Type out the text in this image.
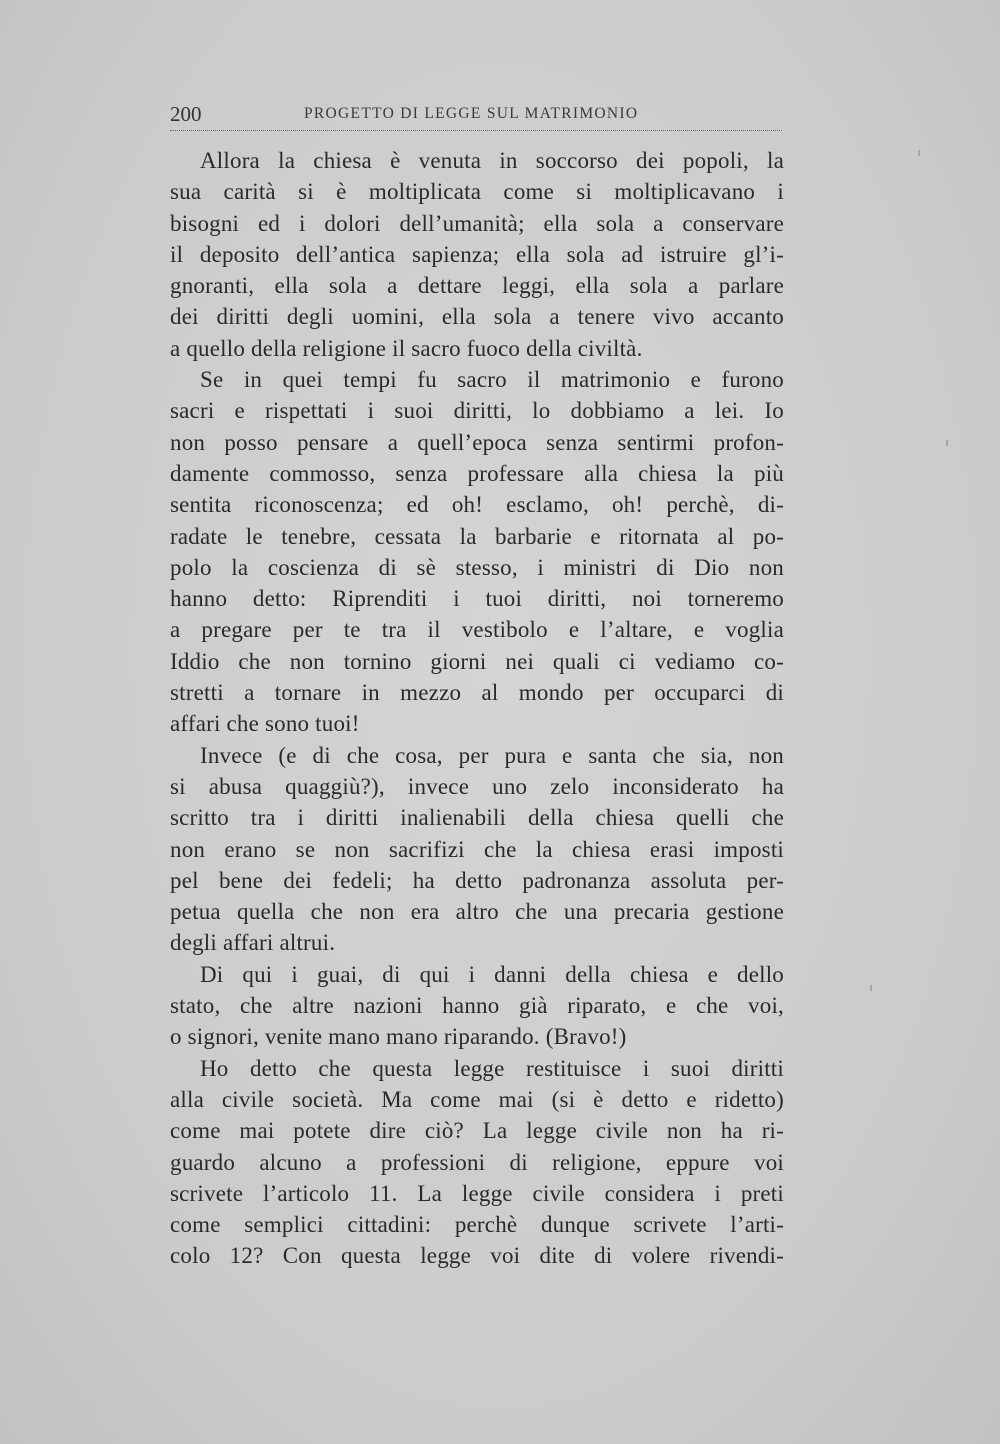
200	PROGETTO DI LEGGE SUL MATRIMONIO
Allora la chiesa è venuta in soccorso dei popoli, la
sua carità si è moltiplicata come si moltiplicavano i
bisogni ed i dolori dell’umanità; ella sola a conservare
il deposito dell’antica sapienza; ella sola ad istruire gl’i-
gnoranti, ella sola a dettare leggi, ella sola a parlare
dei diritti degli uomini, ella sola a tenere vivo accanto
a quello della religione il sacro fuoco della civiltà.
Se in quei tempi fu sacro il matrimonio e furono
sacri e rispettati i suoi diritti, lo dobbiamo a lei. Io
non posso pensare a quell’epoca senza sentirmi profon-
damente commosso, senza professare alla chiesa la più
sentita riconoscenza; ed oh! esclamo, oh! perchè, di-
radate le tenebre, cessata la barbarie e ritornata al po-
polo la coscienza di sè stesso, i ministri di Dio non
hanno detto: Riprenditi i tuoi diritti, noi torneremo
a pregare per te tra il vestibolo e l’altare, e voglia
Iddio che non tornino giorni nei quali ci vediamo co-
stretti a tornare in mezzo al mondo per occuparci di
affari che sono tuoi!
Invece (e di che cosa, per pura e santa che sia, non
si abusa quaggiù?), invece uno zelo inconsiderato ha
scritto tra i diritti inalienabili della chiesa quelli che
non erano se non sacrifizi che la chiesa erasi imposti
pel bene dei fedeli; ha detto padronanza assoluta per-
petua quella che non era altro che una precaria gestione
degli affari altrui.
Di qui i guai, di qui i danni della chiesa e dello
stato, che altre nazioni hanno già riparato, e che voi,
o signori, venite mano mano riparando. (Bravo!)
Ho detto che questa legge restituisce i suoi diritti
alla civile società. Ma come mai (si è detto e ridetto)
come mai potete dire ciò? La legge civile non ha ri-
guardo alcuno a professioni di religione, eppure voi
scrivete l’articolo 11. La legge civile considera i preti
come semplici cittadini: perchè dunque scrivete l’arti-
colo 12? Con questa legge voi dite di volere rivendi-
